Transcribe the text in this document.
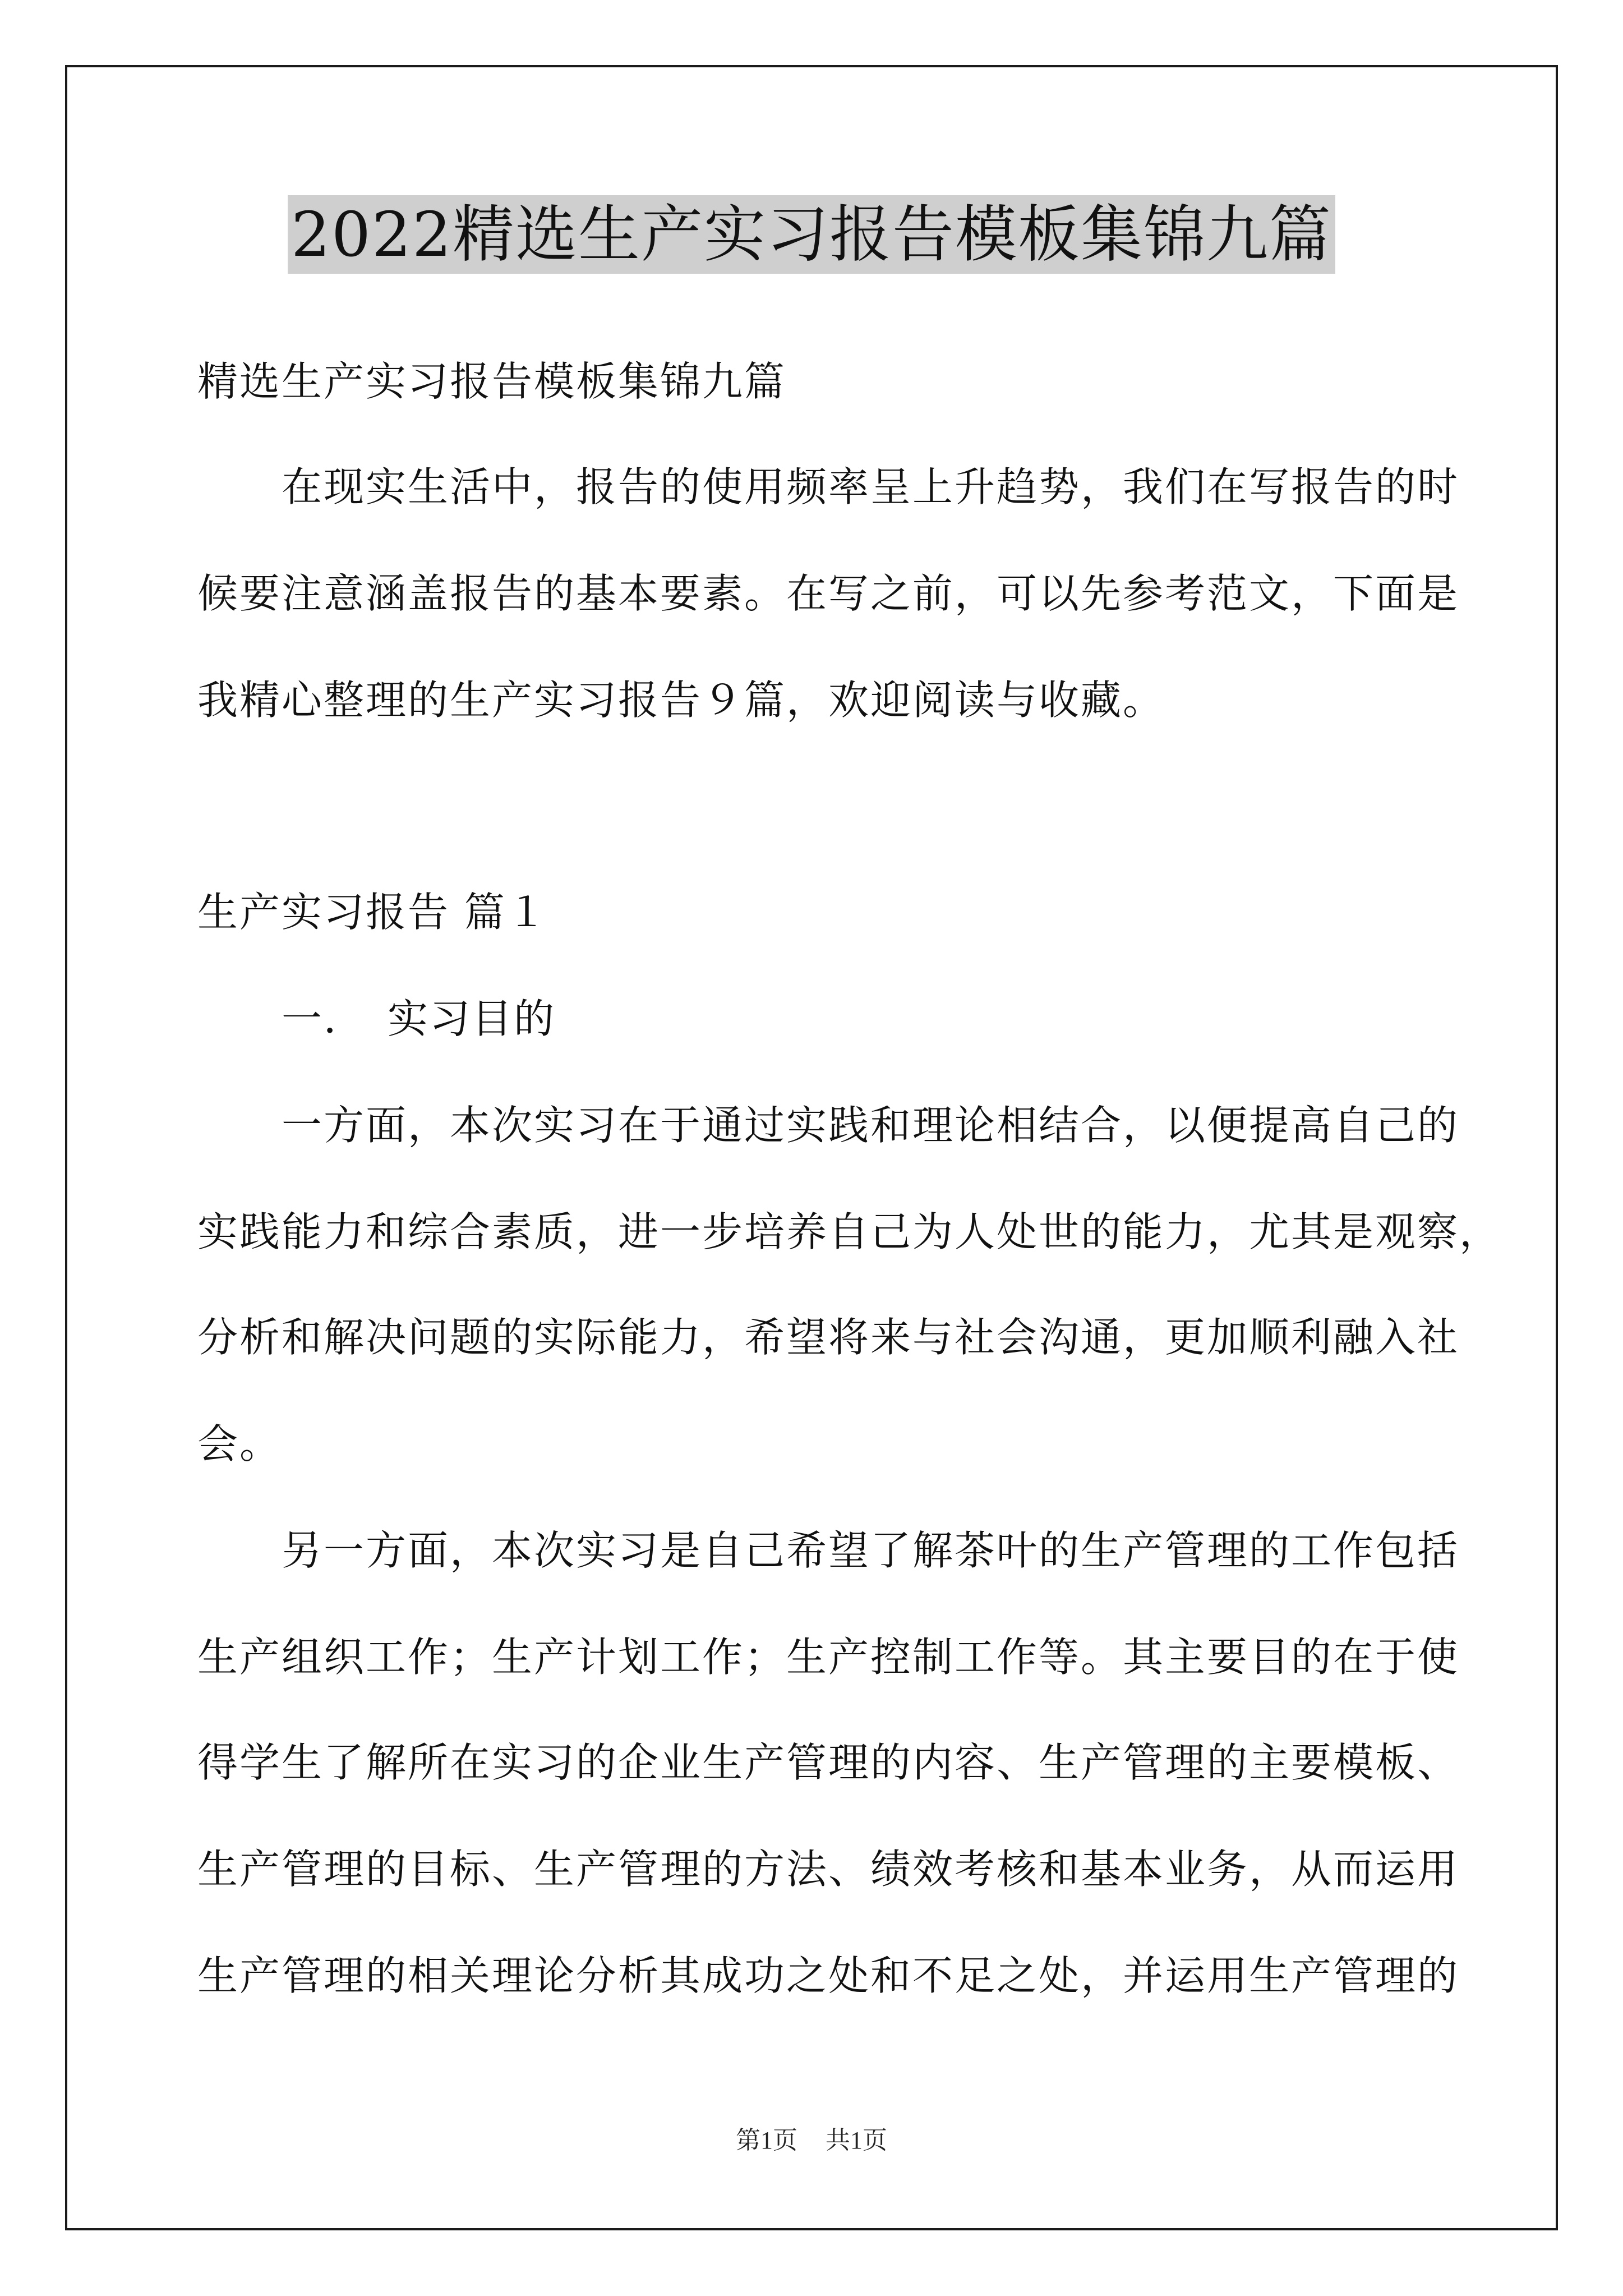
2022精选生产实习报告模板集锦九篇
精选生产实习报告模板集锦九篇
　　在现实生活中，报告的使用频率呈上升趋势，我们在写报告的时
候要注意涵盖报告的基本要素。在写之前，可以先参考范文，下面是
我精心整理的生产实习报告９篇，欢迎阅读与收藏。
生产实习报告 篇１
　　一．　实习目的
　　一方面，本次实习在于通过实践和理论相结合，以便提高自己的
实践能力和综合素质，进一步培养自己为人处世的能力，尤其是观察，
分析和解决问题的实际能力，希望将来与社会沟通，更加顺利融入社
会。
　　另一方面，本次实习是自己希望了解茶叶的生产管理的工作包括
生产组织工作；生产计划工作；生产控制工作等。其主要目的在于使
得学生了解所在实习的企业生产管理的内容、生产管理的主要模板、
生产管理的目标、生产管理的方法、绩效考核和基本业务，从而运用
生产管理的相关理论分析其成功之处和不足之处，并运用生产管理的
第1页 共1页
